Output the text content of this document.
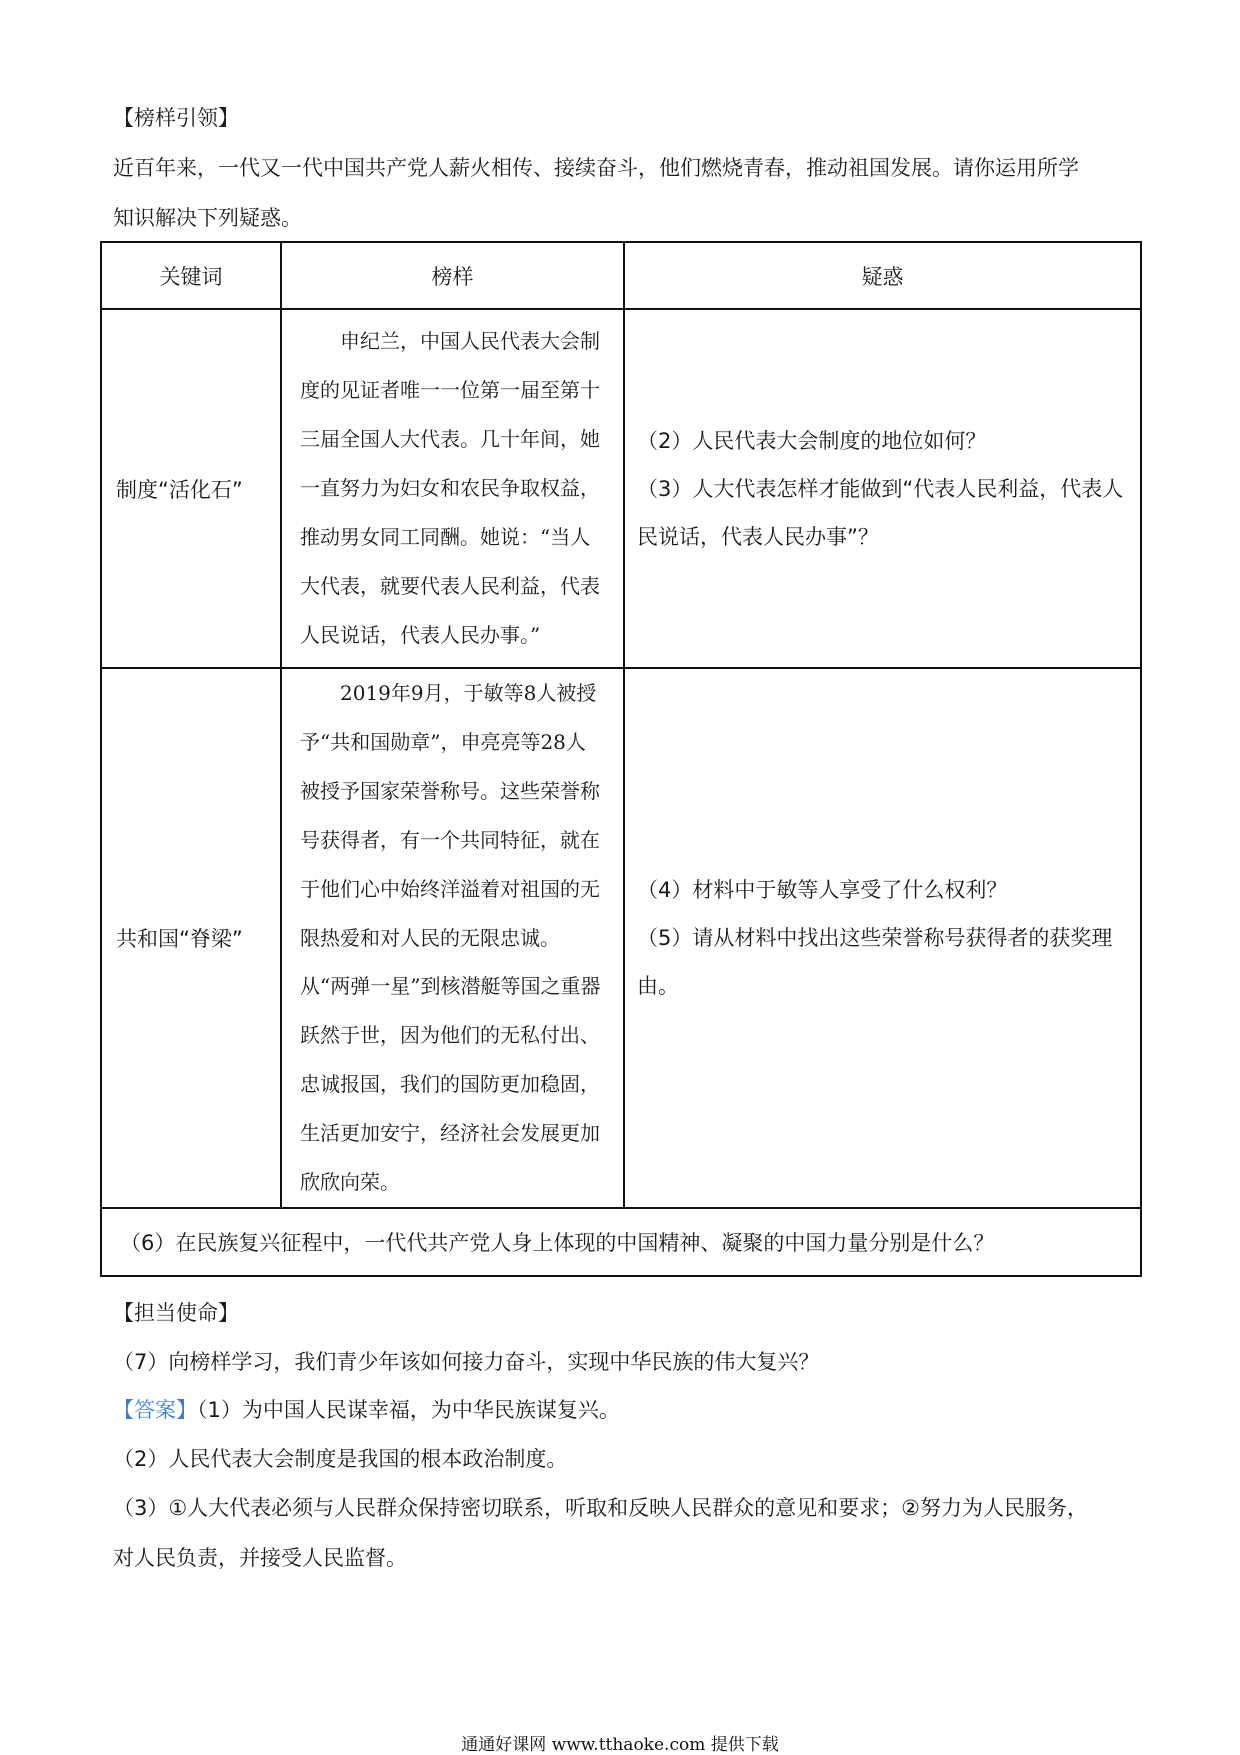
【榜样引领】
近百年来，一代又一代中国共产党人薪火相传、接续奋斗，他们燃烧青春，推动祖国发展。请你运用所学
知识解决下列疑惑。
关键词	榜样	疑惑
制度“活化石”	申纪兰，中国人民代表大会制度的见证者唯一一位第一届至第十三届全国人大代表。几十年间，她一直努力为妇女和农民争取权益，推动男女同工同酬。她说：“当人大代表，就要代表人民利益，代表人民说话，代表人民办事。”	（2）人民代表大会制度的地位如何？
（3）人大代表怎样才能做到“代表人民利益，代表人民说话，代表人民办事”？

共和国“脊梁”	2019年9月，于敏等8人被授予“共和国勋章”，申亮亮等28人被授予国家荣誉称号。这些荣誉称号获得者，有一个共同特征，就在于他们心中始终洋溢着对祖国的无限热爱和对人民的无限忠诚。从“两弹一星”到核潜艇等国之重器跃然于世，因为他们的无私付出、忠诚报国，我们的国防更加稳固，生活更加安宁，经济社会发展更加欣欣向荣。	（4）材料中于敏等人享受了什么权利？
（5）请从材料中找出这些荣誉称号获得者的获奖理由。

（6）在民族复兴征程中，一代代共产党人身上体现的中国精神、凝聚的中国力量分别是什么？		
【担当使命】
（7）向榜样学习，我们青少年该如何接力奋斗，实现中华民族的伟大复兴？
【答案】（1）为中国人民谋幸福，为中华民族谋复兴。
（2）人民代表大会制度是我国的根本政治制度。
（3）①人大代表必须与人民群众保持密切联系，听取和反映人民群众的意见和要求；②努力为人民服务，
对人民负责，并接受人民监督。
通通好课网 www.tthaoke.com 提供下载
